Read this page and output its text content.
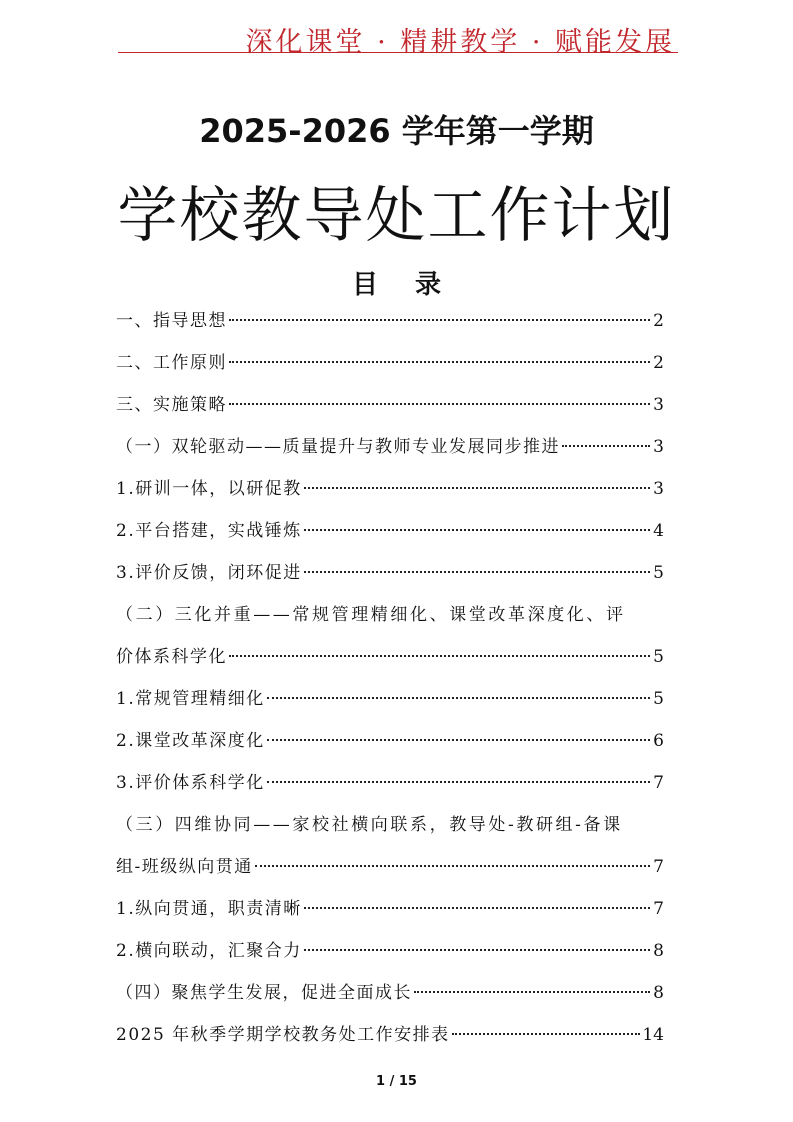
深化课堂 · 精耕教学 · 赋能发展
2025-2026 学年第一学期
学校教导处工作计划
目 录
一、指导思想	2
二、工作原则	2
三、实施策略	3
（一）双轮驱动——质量提升与教师专业发展同步推进	3
1.研训一体，以研促教	3
2.平台搭建，实战锤炼	4
3.评价反馈，闭环促进	5
（二）三化并重——常规管理精细化、课堂改革深度化、评
价体系科学化	5
1.常规管理精细化	5
2.课堂改革深度化	6
3.评价体系科学化	7
（三）四维协同——家校社横向联系，教导处-教研组-备课
组-班级纵向贯通	7
1.纵向贯通，职责清晰	7
2.横向联动，汇聚合力	8
（四）聚焦学生发展，促进全面成长	8
2025 年秋季学期学校教务处工作安排表	14
1 / 15
